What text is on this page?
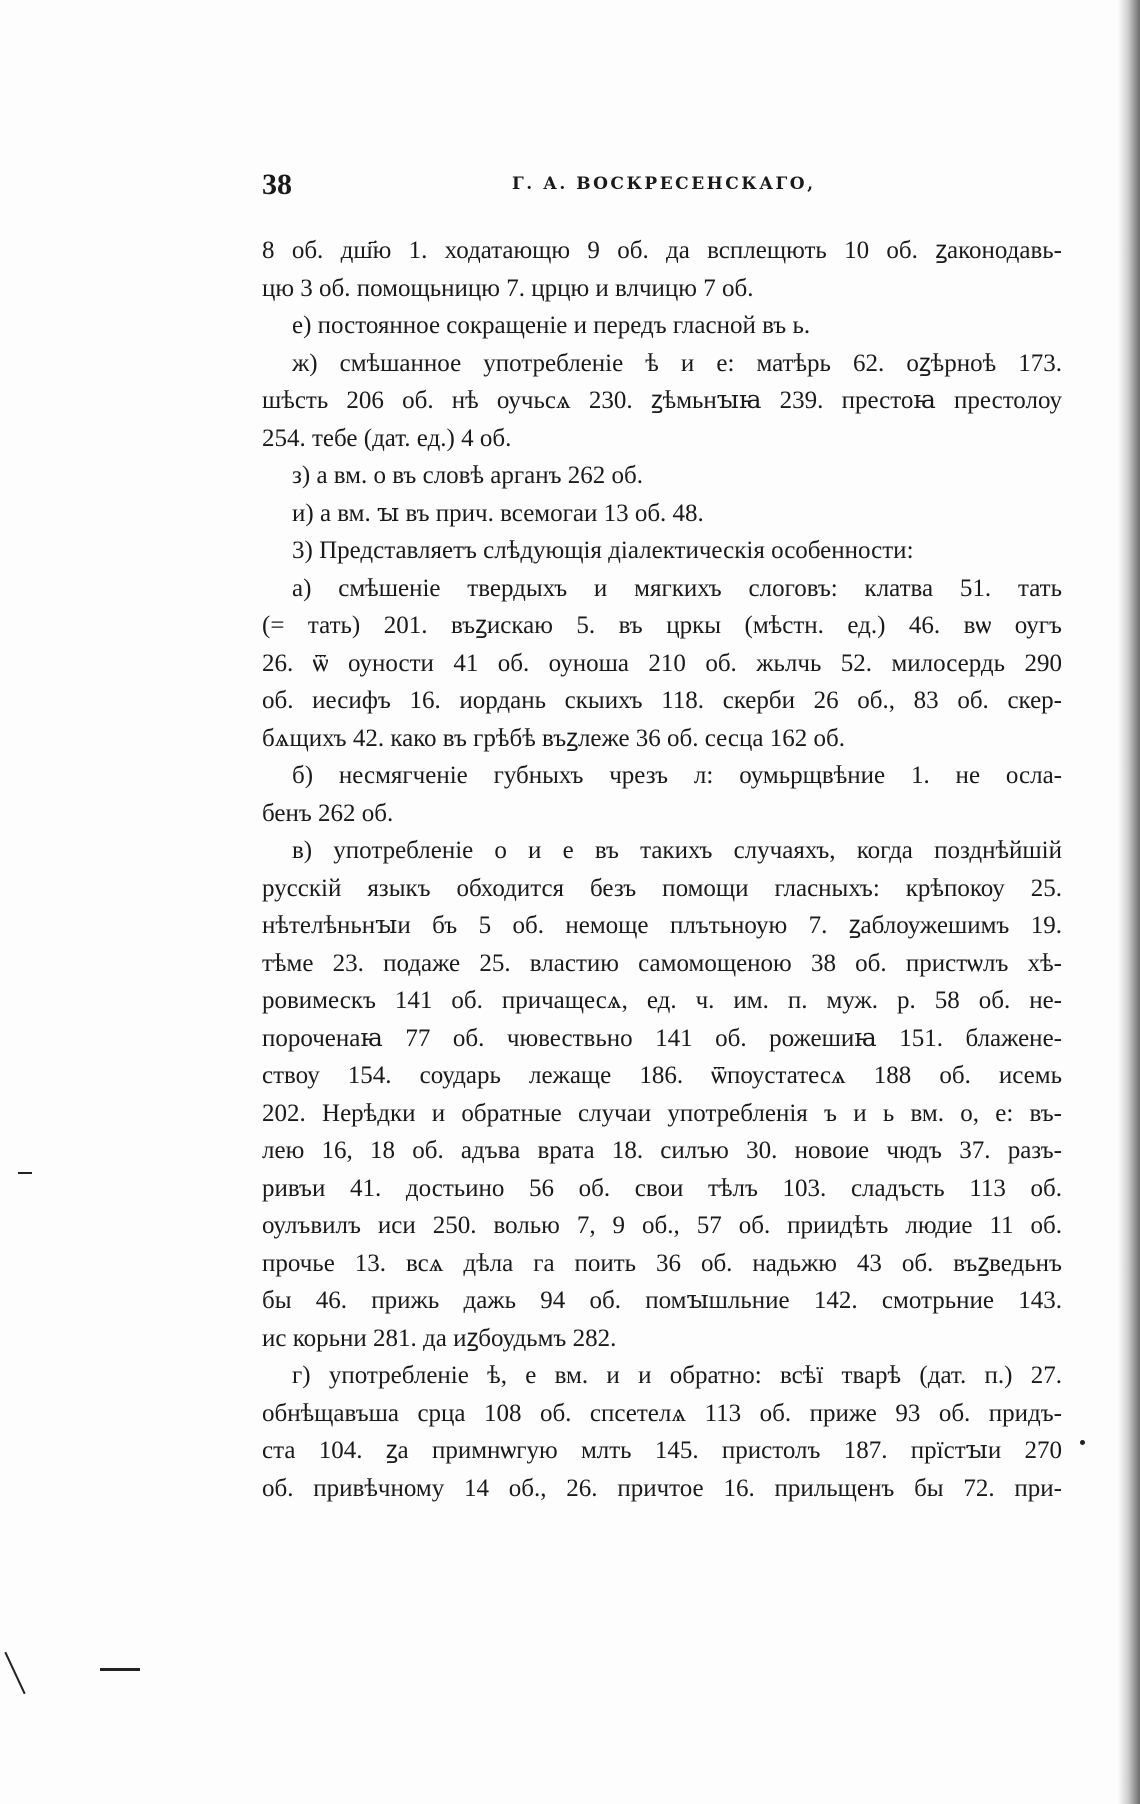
38	Г. А. ВОСКРЕСЕНСКАГО,
8 об. дш҃ю 1. ходатающю 9 об. да всплещють 10 об. ꙁаконодавь-
цю 3 об. помощьницю 7. црцю и влчицю 7 об.
е) постоянное сокращеніе и передъ гласной въ ь.
ж) смѣшанное употребленіе ѣ и е: матѣрь 62. оꙁѣрноѣ 173.
шѣсть 206 об. нѣ оучьсѧ 230. ꙁѣмьнꙑꙗ 239. престоꙗ престолоу
254. тебе (дат. ед.) 4 об.
з) а вм. о въ словѣ арганъ 262 об.
и) а вм. ꙑ въ прич. всемогаи 13 об. 48.
3) Представляетъ слѣдующія діалектическія особенности:
а) смѣшеніе твердыхъ и мягкихъ слоговъ: клатва 51. тать
(= тать) 201. въꙁискаю 5. въ цркы (мѣстн. ед.) 46. вѡ оугъ
26. ѿ оуности 41 об. оуноша 210 об. жьлчь 52. милосердь 290
об. иесифъ 16. иордань скыихъ 118. скерби 26 об., 83 об. скер-
бѧщихъ 42. како въ грѣбѣ въꙁлеже 36 об. сесца 162 об.
б) несмягченіе губныхъ чрезъ л: оумьрщвѣние 1. не осла-
бенъ 262 об.
в) употребленіе о и е въ такихъ случаяхъ, когда позднѣйшій
русскій языкъ обходится безъ помощи гласныхъ: крѣпокоу 25.
нѣтелѣньнꙑи бъ 5 об. немоще плътьноую 7. ꙁаблоужешимъ 19.
тѣме 23. подаже 25. властию самомощеною 38 об. пристѡлъ хѣ-
ровимескъ 141 об. причащесѧ, ед. ч. им. п. муж. р. 58 об. не-
пороченаꙗ 77 об. чювествьно 141 об. рожешиꙗ 151. блажене-
ствоу 154. соударь лежаще 186. ѿпоустатесѧ 188 об. исемь
202. Нерѣдки и обратные случаи употребленія ъ и ь вм. о, е: въ-
лею 16, 18 об. адъва врата 18. силъю 30. новоие чюдъ 37. разъ-
ривъи 41. достьино 56 об. свои тѣлъ 103. сладъсть 113 об.
оулъвилъ иси 250. волью 7, 9 об., 57 об. приидѣть людие 11 об.
прочье 13. всѧ дѣла га поить 36 об. надьжю 43 об. въꙁведьнъ
бы 46. прижь дажь 94 об. помꙑшльние 142. смотрьние 143.
ис корьни 281. да иꙁбоудьмъ 282.
г) употребленіе ѣ, е вм. и и обратно: всѣї тварѣ (дат. п.) 27.
обнѣщавъша срца 108 об. спсетелѧ 113 об. приже 93 об. придъ-
ста 104. ꙁа примнѡгую млть 145. пристолъ 187. прїстꙑи 270
об. привѣчному 14 об., 26. причтое 16. прильщенъ бы 72. при-
